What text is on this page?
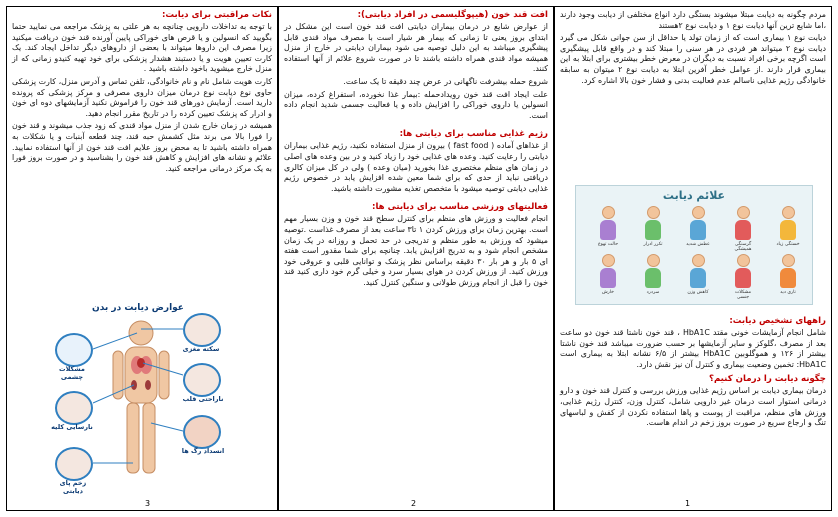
مردم چگونه به دیابت مبتلا میشوند بستگی دارد انواع مختلفی از دیابت وجود دارند ،اما شایع ترین آنها دیابت نوع ۱ و دیابت نوع ۲هستند

دیابت نوع ۱ بیماری است که از زمان تولد یا حداقل از سن جوانی شکل می گیرد دیابت نوع ۲ میتواند هر فردی در هر سنی را مبتلا کند و در واقع قابل پیشگیری است اگرچه برخی افراد نسبت به دیگران در معرض خطر بیشتری برای ابتلا به این بیماری قرار دارند .از عوامل خطر آفرین ابتلا به دیابت نوع ۲ میتوان به سابقه خانوادگی رژیم غذایی ناسالم عدم فعالیت بدنی و فشار خون بالا اشاره کرد.

علائم دیابت
خستگی زیاد
گرسنگی همیشگی
عطش شدید
تکرر ادرار
حالت تهوع
تاری دید
مشکلات جنسی
کاهش وزن
سردرد
خارش
راههای تشخیص دیابت:

شامل انجام آزمایشات خونی مقتد HbA1C ، قند خون ناشتا قند خون دو ساعت بعد از مصرف ،گلوکز و سایر آزمایشها بر حسب ضرورت میباشد قند خون ناشتا بیشتر از ۱۲۶ و هموگلوبین HbA1C بیشتر از ۶/۵ نشانه ابتلا به بیماری است HbA1C: تخمین وضعیت بیماری و کنترل آن نیز نقش دارد.

چگونه دیابت را درمان کنیم؟

درمان بیماری دیابت بر اساس رژیم غذایی ورزش بررسی و کنترل قند خون و دارو درمانی استوار است درمان غیر دارویی شامل، کنترل وزن، کنترل رژیم غذایی، ورزش های منظم، مراقبت از پوست و پاها استفاده نکردن از کفش و لباسهای تنگ و ارجاع سریع در صورت بروز زخم در اندام هاست.

1
افت قند خون (هیپوگلیسمی در افراد دیابتی):

از عوارض شایع در درمان بیماران دیابتی افت قند خون است این مشکل در ابتدای بروز یعنی تا زمانی که بیمار هر شیار است با مصرف مواد قندی قابل پیشگیری میباشد به این دلیل توصیه می شود بیماران دیابتی در خارج از منزل همیشه مواد قندی همراه داشته باشند تا در صورت شروع علائم از آنها استفاده کنند.

شروع حمله بیشرفت ناگهانی در عرض چند دقیقه تا یک ساعت.

علت ایجاد افت قند خون رویدادحمله :بیمار غذا نخورده، استفراغ کرده، میزان انسولین یا داروی خوراکی را افزایش داده و یا فعالیت جسمی شدید انجام داده است.

رژیم غذایی مناسب برای دیابتی ها:

از غذاهای آماده ( fast food ) بیرون از منزل استفاده نکنید، رژیم غذایی بیماران دیابتی را رعایت کنید. وعده های غذایی خود را زیاد کنید و در بین وعده های اصلی در زمان های منظم مختصری غذا بخورید (میان وعده ) ولی در کل میزان کالری دریافتی نباید از حدی که برای شما معین شده افزایش یابد در خصوص رژیم غذایی دیابتی توصیه میشود با متخصص تغذیه مشورت داشته باشید.

فعالیتهای ورزشی مناسب برای دیابتی ها:

انجام فعالیت و ورزش های منظم برای کنترل سطح قند خون و وزن بسیار مهم است. بهترین زمان برای ورزش کردن ۱ تا۳ ساعت بعد از مصرف غذاست .توصیه میشود که ورزش به طور منظم و تدریجی در حد تحمل و روزانه در یک زمان مشخص انجام شود و به تدریج افزایش یابد. چنانچه برای شما مقدور است هفته ای ۵ بار و هر بار ۳۰ دقیقه براساس نظر پزشک و توانایی قلبی و عروقی خود ورزش کنید. از ورزش کردن در هوای بسیار سرد و خیلی گرم خود داری کنید قند خون را قبل از انجام ورزش طولانی و سنگین کنترل کنید.

2
نکات مراقبتی برای دیابت:

با توجه به تداخلات دارویی چنانچه به هر علتی به پزشک مراجعه می نمایید حتما بگویید که انسولین و یا قرص های خوراکی پایین آورنده قند خون دریافت میکنید زیرا مصرف این داروها میتواند با بعضی از داروهای دیگر تداخل ایجاد کند. یک کارت تعیین هویت و یا دستبند هشدار پزشکی برای خود تهیه کنیدو زمانی که از منزل خارج میشوید باخود داشته باشید .

کارت هویت شامل نام و نام خانوادگی، تلفن تماس و آدرس منزل، کارت پزشکی حاوی نوع دیابت نوع درمان میزان داروی مصرفی و مرکز پزشکی که پرونده دارید است. آزمایش دورهای قند خون را فراموش نکنید آزمایشهای دوه ای خون و ادرار که پزشک تعیین کرده را در تاریخ مقرر انجام دهید.

همیشه در زمان خارج شدن از منزل مواد قندی که زود جذب میشوند و قند خون را فورا بالا می برند مثل کشمش حبه قند، چند قطعه آبنبات و یا شکلات به همراه داشته باشید تا به محض بروز علایم افت قند خون از آنها استفاده نمایید. علائم و نشانه های افزایش و کاهش قند خون را بشناسید و در صورت بروز فورا به یک مرکز درمانی مراجعه کنید.

عوارض دیابت در بدن
سکته مغزی
مشکلات چشمی
ناراحتی قلب
نارسایی کلیه
انسداد رگ ها
زخم پای دیابتی
3
